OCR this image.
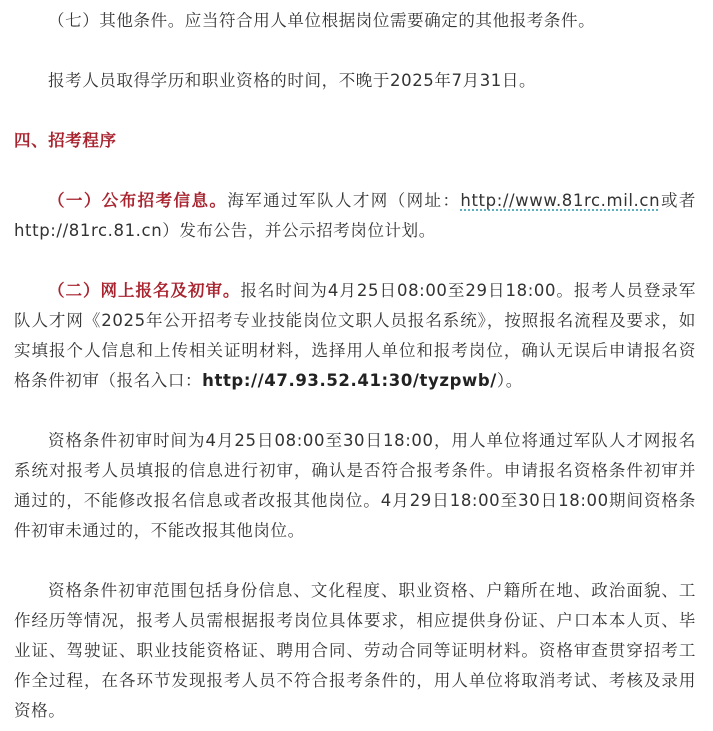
（七）其他条件。应当符合用人单位根据岗位需要确定的其他报考条件。

报考人员取得学历和职业资格的时间，不晚于2025年7月31日。

四、招考程序

（一）公布招考信息。海军通过军队人才网（网址：http://www.81rc.mil.cn或者http://81rc.81.cn）发布公告，并公示招考岗位计划。

（二）网上报名及初审。报名时间为4月25日08:00至29日18:00。报考人员登录军队人才网《2025年公开招考专业技能岗位文职人员报名系统》，按照报名流程及要求，如实填报个人信息和上传相关证明材料，选择用人单位和报考岗位，确认无误后申请报名资格条件初审（报名入口：http://47.93.52.41:30/tyzpwb/）。

资格条件初审时间为4月25日08:00至30日18:00，用人单位将通过军队人才网报名系统对报考人员填报的信息进行初审，确认是否符合报考条件。申请报名资格条件初审并通过的，不能修改报名信息或者改报其他岗位。4月29日18:00至30日18:00期间资格条件初审未通过的，不能改报其他岗位。

资格条件初审范围包括身份信息、文化程度、职业资格、户籍所在地、政治面貌、工作经历等情况，报考人员需根据报考岗位具体要求，相应提供身份证、户口本本人页、毕业证、驾驶证、职业技能资格证、聘用合同、劳动合同等证明材料。资格审查贯穿招考工作全过程，在各环节发现报考人员不符合报考条件的，用人单位将取消考试、考核及录用资格。
